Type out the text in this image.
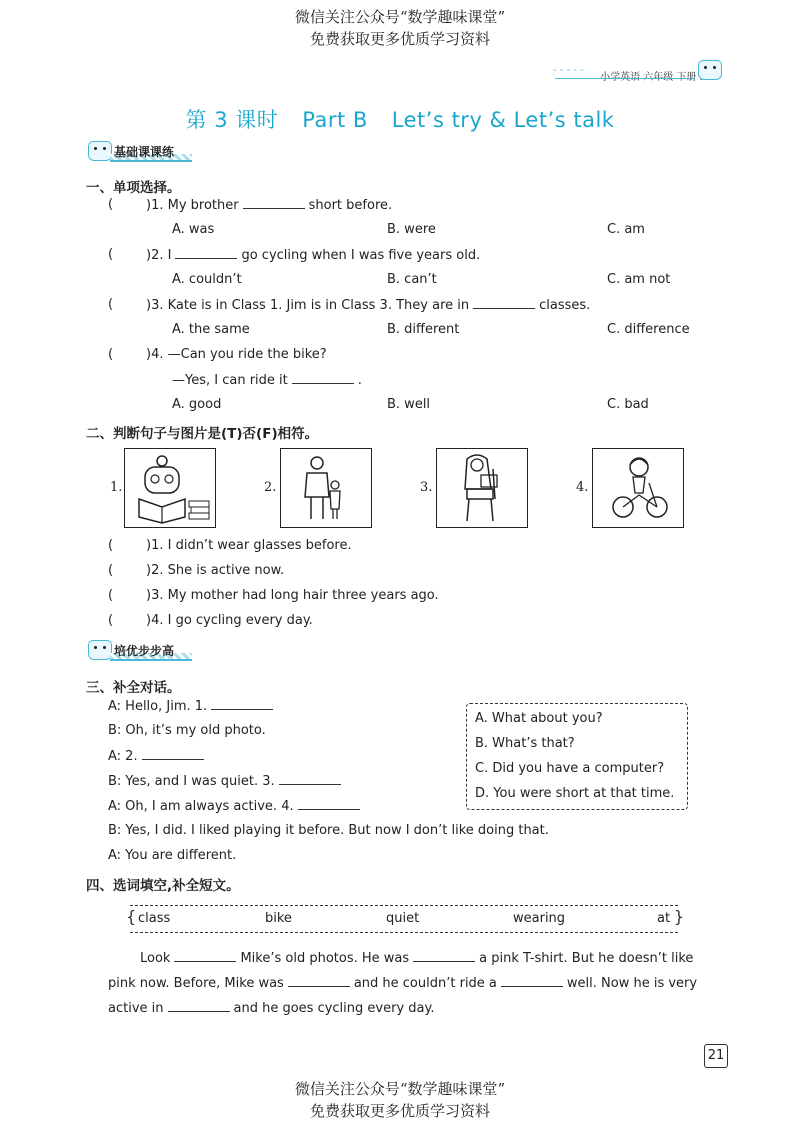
微信关注公众号“数学趣味课堂”
免费获取更多优质学习资料
- - - - -
第 3 课时 Part B Let’s try & Let’s talk
基础课课练
一、单项选择。
(	)1. My brother	short before.
A. was	B. were	C. am
(	)2. I	go cycling when I was five years old.
A. couldn’t	B. can’t	C. am not
(	)3. Kate is in Class 1. Jim is in Class 3. They are in	classes.
A. the same	B. different	C. difference
(	)4. —Can you ride the bike?
—Yes, I can ride it	.
A. good	B. well	C. bad
二、判断句子与图片是(T)否(F)相符。
1.	2.	3.	4.
(	)1. I didn’t wear glasses before.
(	)2. She is active now.
(	)3. My mother had long hair three years ago.
(	)4. I go cycling every day.
培优步步高
三、补全对话。
A: Hello, Jim. 1.
B: Oh, it’s my old photo.
A: 2.
B: Yes, and I was quiet. 3.
A: Oh, I am always active. 4.
B: Yes, I did. I liked playing it before. But now I don’t like doing that.
A: You are different.
A. What about you?
B. What’s that?
C. Did you have a computer?
D. You were short at that time.
四、选词填空,补全短文。
{ class	bike	quiet	wearing	at }
Look	Mike’s old photos. He was	a pink T-shirt. But he doesn’t like
pink now. Before, Mike was	and he couldn’t ride a	well. Now he is very
active in	and he goes cycling every day.
21
微信关注公众号“数学趣味课堂”
免费获取更多优质学习资料
